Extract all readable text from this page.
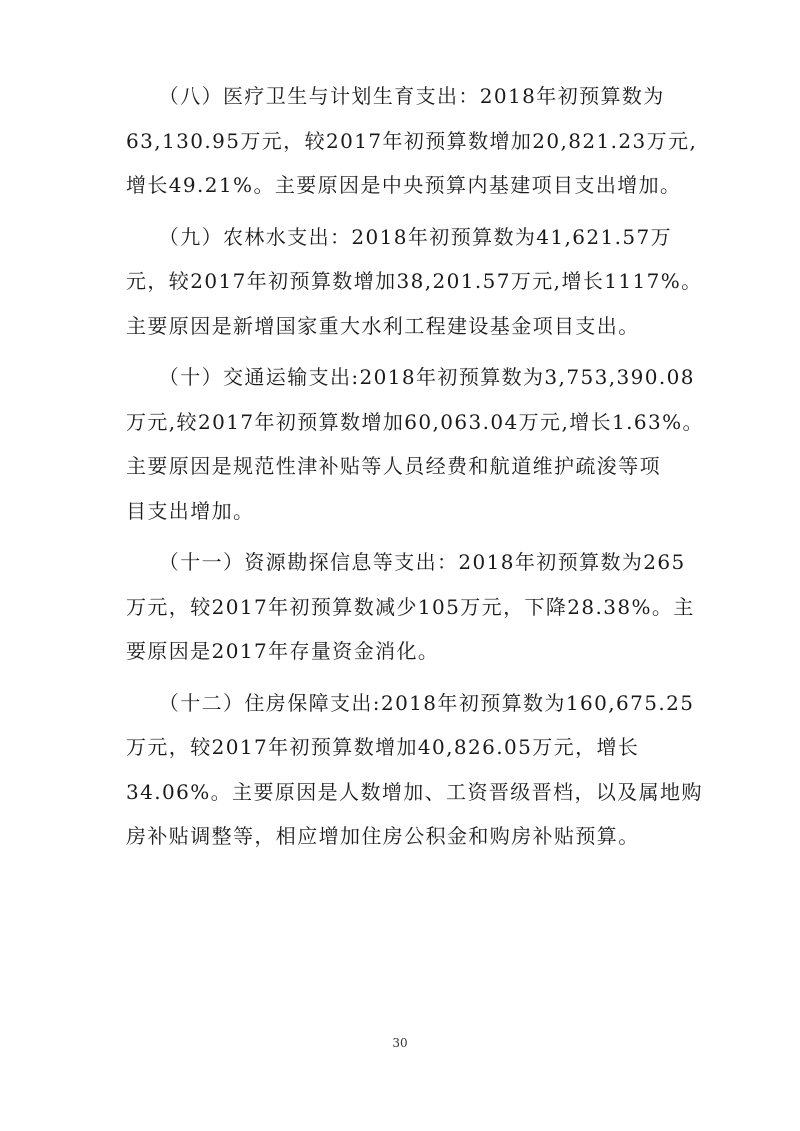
　　（八）医疗卫生与计划生育支出：2018年初预算数为
63,130.95万元，较2017年初预算数增加20,821.23万元,
增长49.21%。主要原因是中央预算内基建项目支出增加。

　　（九）农林水支出：2018年初预算数为41,621.57万
元，较2017年初预算数增加38,201.57万元,增长1117%。
主要原因是新增国家重大水利工程建设基金项目支出。

　　（十）交通运输支出:2018年初预算数为3,753,390.08
万元,较2017年初预算数增加60,063.04万元,增长1.63%。
主要原因是规范性津补贴等人员经费和航道维护疏浚等项
目支出增加。

　　（十一）资源勘探信息等支出：2018年初预算数为265
万元，较2017年初预算数减少105万元，下降28.38%。主
要原因是2017年存量资金消化。

　　（十二）住房保障支出:2018年初预算数为160,675.25
万元，较2017年初预算数增加40,826.05万元，增长
34.06%。主要原因是人数增加、工资晋级晋档，以及属地购
房补贴调整等，相应增加住房公积金和购房补贴预算。

30
